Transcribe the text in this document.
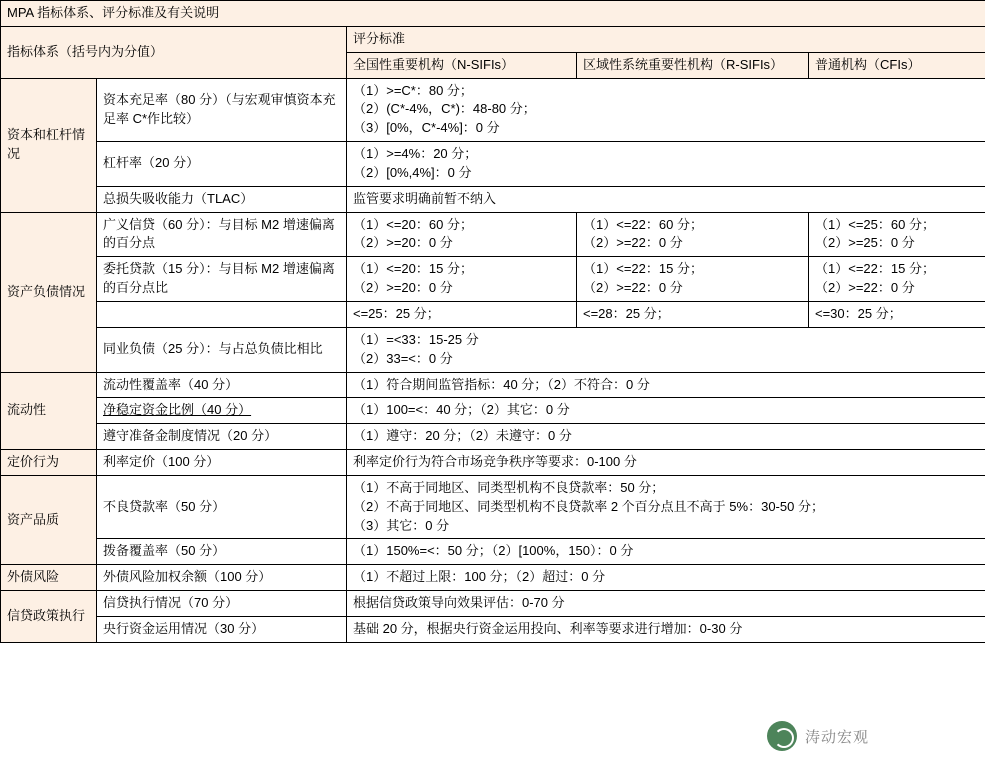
MPA 指标体系、评分标准及有关说明				
指标体系（括号内为分值）		评分标准		
		全国性重要机构（N-SIFIs）	区域性系统重要性机构（R-SIFIs）	普通机构（CFIs）
资本和杠杆情况	资本充足率（80 分）（与宏观审慎资本充足率 C*作比较）	（1）>=C*：80 分；
（2）(C*-4%，C*)：48-80 分；
（3）[0%，C*-4%]：0 分		

	杠杆率（20 分）	（1）>=4%：20 分；
（2）[0%,4%]：0 分		

	总损失吸收能力（TLAC）	监管要求明确前暂不纳入		
资产负债情况	广义信贷（60 分）：与目标 M2 增速偏离的百分点	（1）<=20：60 分；
（2）>=20：0 分	（1）<=22：60 分；
（2）>=22：0 分	（1）<=25：60 分；
（2）>=25：0 分

	委托贷款（15 分）：与目标 M2 增速偏离的百分点比	（1）<=20：15 分；
（2）>=20：0 分	（1）<=22：15 分；
（2）>=22：0 分	（1）<=22：15 分；
（2）>=22：0 分

		<=25：25 分；	<=28：25 分；	<=30：25 分；
	同业负债（25 分）：与占总负债比相比	（1）=<33：15-25 分
（2）33=<：0 分		

流动性	流动性覆盖率（40 分）	（1）符合期间监管指标：40 分；（2）不符合：0 分		
	净稳定资金比例（40 分）	（1）100=<：40 分；（2）其它：0 分		
	遵守准备金制度情况（20 分）	（1）遵守：20 分；（2）未遵守：0 分		
定价行为	利率定价（100 分）	利率定价行为符合市场竞争秩序等要求：0-100 分		
资产品质	不良贷款率（50 分）	（1）不高于同地区、同类型机构不良贷款率：50 分；
（2）不高于同地区、同类型机构不良贷款率 2 个百分点且不高于 5%：30-50 分；
（3）其它：0 分		

	拨备覆盖率（50 分）	（1）150%=<：50 分；（2）[100%，150）：0 分		
外债风险	外债风险加权余额（100 分）	（1）不超过上限：100 分；（2）超过：0 分		
信贷政策执行	信贷执行情况（70 分）	根据信贷政策导向效果评估：0-70 分		
	央行资金运用情况（30 分）	基础 20 分，根据央行资金运用投向、利率等要求进行增加：0-30 分		
涛动宏观
